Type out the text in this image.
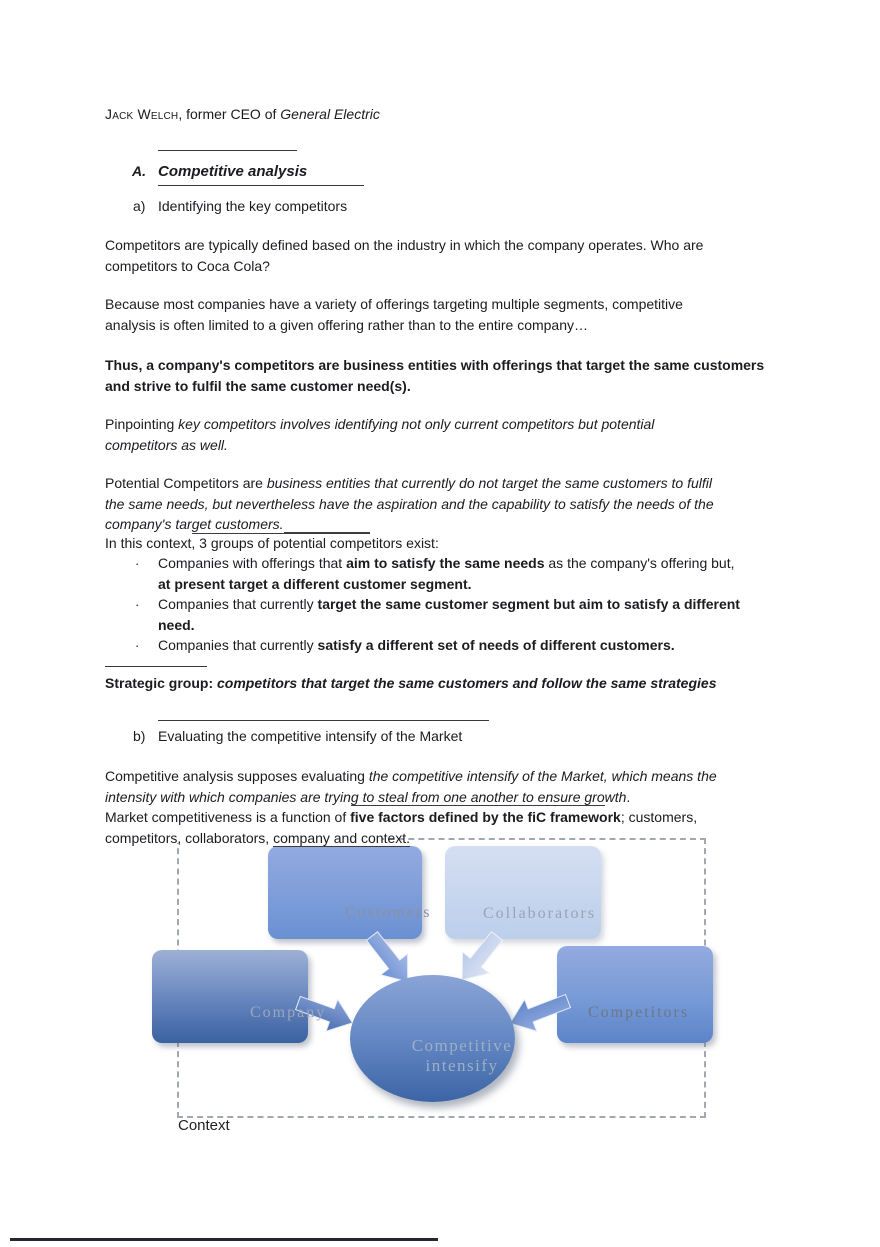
Customers	Collaborators
Company	Competitors
Competitive
intensify
Context
Jack Welch, former CEO of General Electric
A. Competitive analysis
a) Identifying the key competitors
Competitors are typically defined based on the industry in which the company operates. Who are
competitors to Coca Cola?
Because most companies have a variety of offerings targeting multiple segments, competitive
analysis is often limited to a given offering rather than to the entire company…
Thus, a company's competitors are business entities with offerings that target the same customers
and strive to fulfil the same customer need(s).
Pinpointing key competitors involves identifying not only current competitors but potential
competitors as well.
Potential Competitors are business entities that currently do not target the same customers to fulfil
the same needs, but nevertheless have the aspiration and the capability to satisfy the needs of the
company's target customers.
In this context, 3 groups of potential competitors exist:
· Companies with offerings that aim to satisfy the same needs as the company's offering but,
at present target a different customer segment.
· Companies that currently target the same customer segment but aim to satisfy a different
need.
· Companies that currently satisfy a different set of needs of different customers.
Strategic group: competitors that target the same customers and follow the same strategies
b) Evaluating the competitive intensify of the Market
Competitive analysis supposes evaluating the competitive intensify of the Market, which means the
intensity with which companies are trying to steal from one another to ensure growth.
Market competitiveness is a function of five factors defined by the fiC framework; customers,
competitors, collaborators, company and context.
